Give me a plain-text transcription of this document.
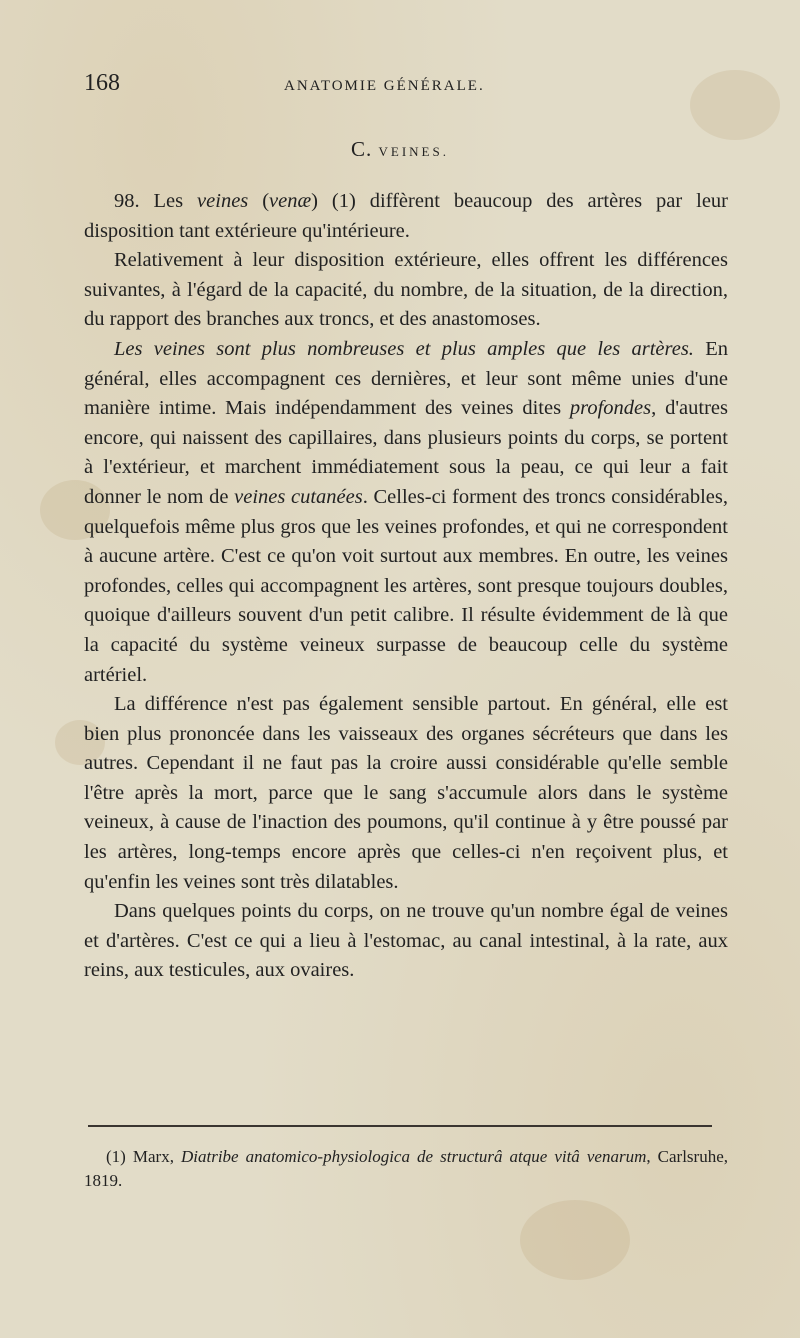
168	ANATOMIE GÉNÉRALE.
C. VEINES.

98. Les veines (venæ) (1) diffèrent beaucoup des artères par leur disposition tant extérieure qu'intérieure.

Relativement à leur disposition extérieure, elles offrent les différences suivantes, à l'égard de la capacité, du nombre, de la situation, de la direction, du rapport des branches aux troncs, et des anastomoses.

Les veines sont plus nombreuses et plus amples que les artères. En général, elles accompagnent ces dernières, et leur sont même unies d'une manière intime. Mais indépendamment des veines dites profondes, d'autres encore, qui naissent des capillaires, dans plusieurs points du corps, se portent à l'extérieur, et marchent immédiatement sous la peau, ce qui leur a fait donner le nom de veines cutanées. Celles-ci forment des troncs considérables, quelquefois même plus gros que les veines profondes, et qui ne correspondent à aucune artère. C'est ce qu'on voit surtout aux membres. En outre, les veines profondes, celles qui accompagnent les artères, sont presque toujours doubles, quoique d'ailleurs souvent d'un petit calibre. Il résulte évidemment de là que la capacité du système veineux surpasse de beaucoup celle du système artériel.

La différence n'est pas également sensible partout. En général, elle est bien plus prononcée dans les vaisseaux des organes sécréteurs que dans les autres. Cependant il ne faut pas la croire aussi considérable qu'elle semble l'être après la mort, parce que le sang s'accumule alors dans le système veineux, à cause de l'inaction des poumons, qu'il continue à y être poussé par les artères, long-temps encore après que celles-ci n'en reçoivent plus, et qu'enfin les veines sont très dilatables.

Dans quelques points du corps, on ne trouve qu'un nombre égal de veines et d'artères. C'est ce qui a lieu à l'estomac, au canal intestinal, à la rate, aux reins, aux testicules, aux ovaires.

(1) Marx, Diatribe anatomico-physiologica de structurâ atque vitâ venarum, Carlsruhe, 1819.
